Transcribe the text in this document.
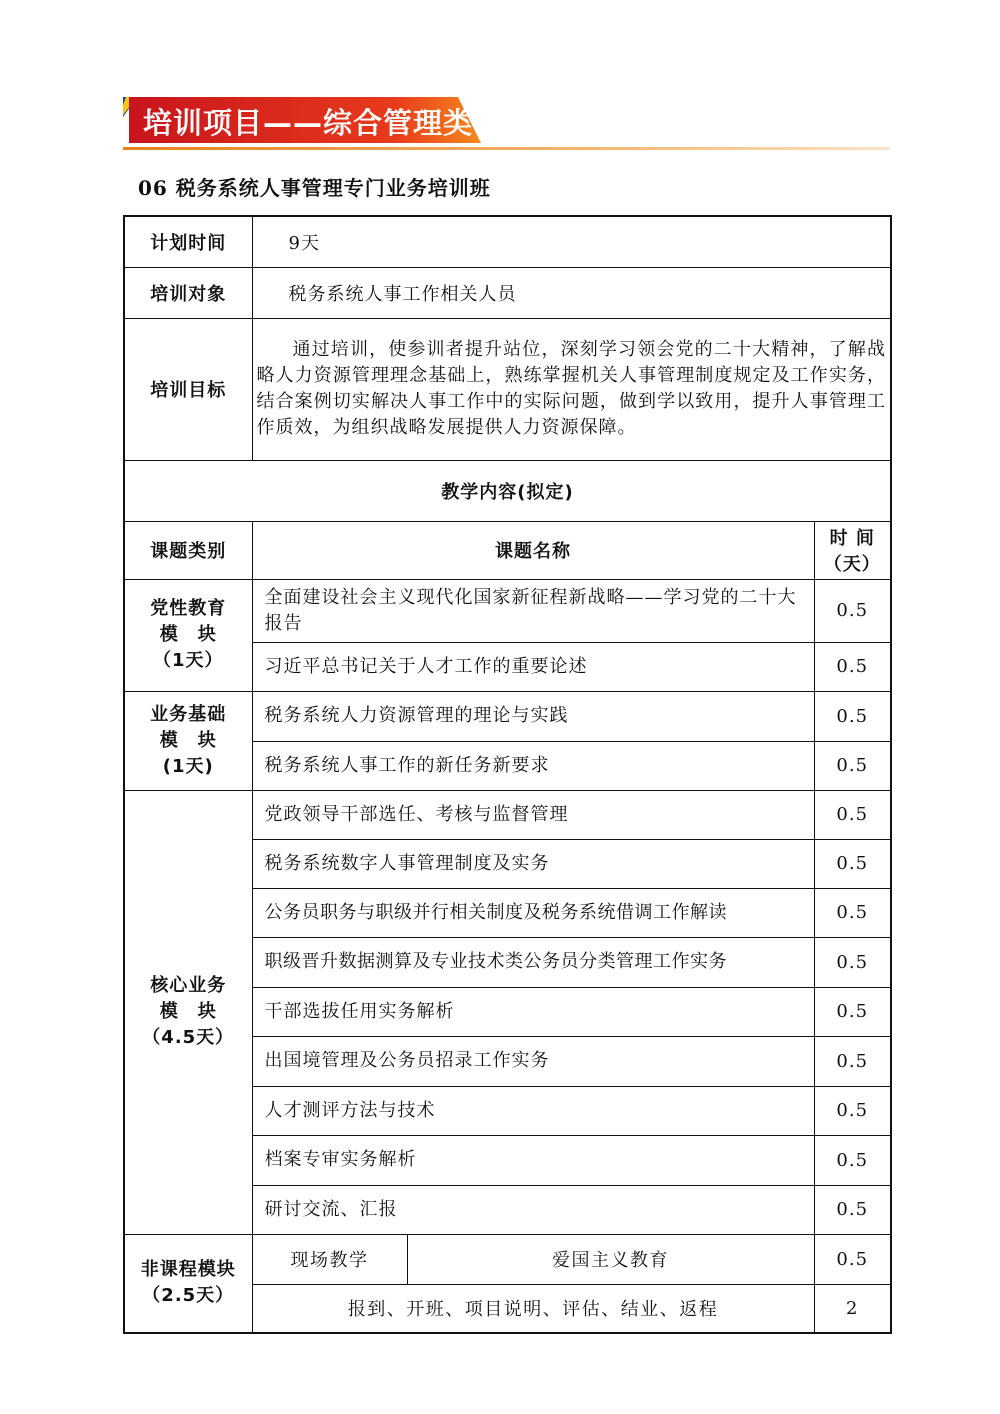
培训项目——综合管理类
06 税务系统人事管理专门业务培训班
计划时间	9天		
培训对象	税务系统人事工作相关人员		
培训目标	通过培训，使参训者提升站位，深刻学习领会党的二十大精神，了解战略人力资源管理理念基础上，熟练掌握机关人事管理制度规定及工作实务，结合案例切实解决人事工作中的实际问题，做到学以致用，提升人事管理工作质效，为组织战略发展提供人力资源保障。		
教学内容(拟定)			
课题类别	课题名称		时 间
（天）

党性教育
模　块
（1天）	全面建设社会主义现代化国家新征程新战略——学习党的二十大报告		0.5
	习近平总书记关于人才工作的重要论述		0.5

业务基础
模　块
(1天)	税务系统人力资源管理的理论与实践		0.5
	税务系统人事工作的新任务新要求		0.5

核心业务
模　块
（4.5天）	党政领导干部选任、考核与监督管理		0.5
	税务系统数字人事管理制度及实务		0.5
	公务员职务与职级并行相关制度及税务系统借调工作解读		0.5
	职级晋升数据测算及专业技术类公务员分类管理工作实务		0.5
	干部选拔任用实务解析		0.5
	出国境管理及公务员招录工作实务		0.5
	人才测评方法与技术		0.5
	档案专审实务解析		0.5
	研讨交流、汇报		0.5

非课程模块
（2.5天）	现场教学	爱国主义教育	0.5
	报到、开班、项目说明、评估、结业、返程		2
